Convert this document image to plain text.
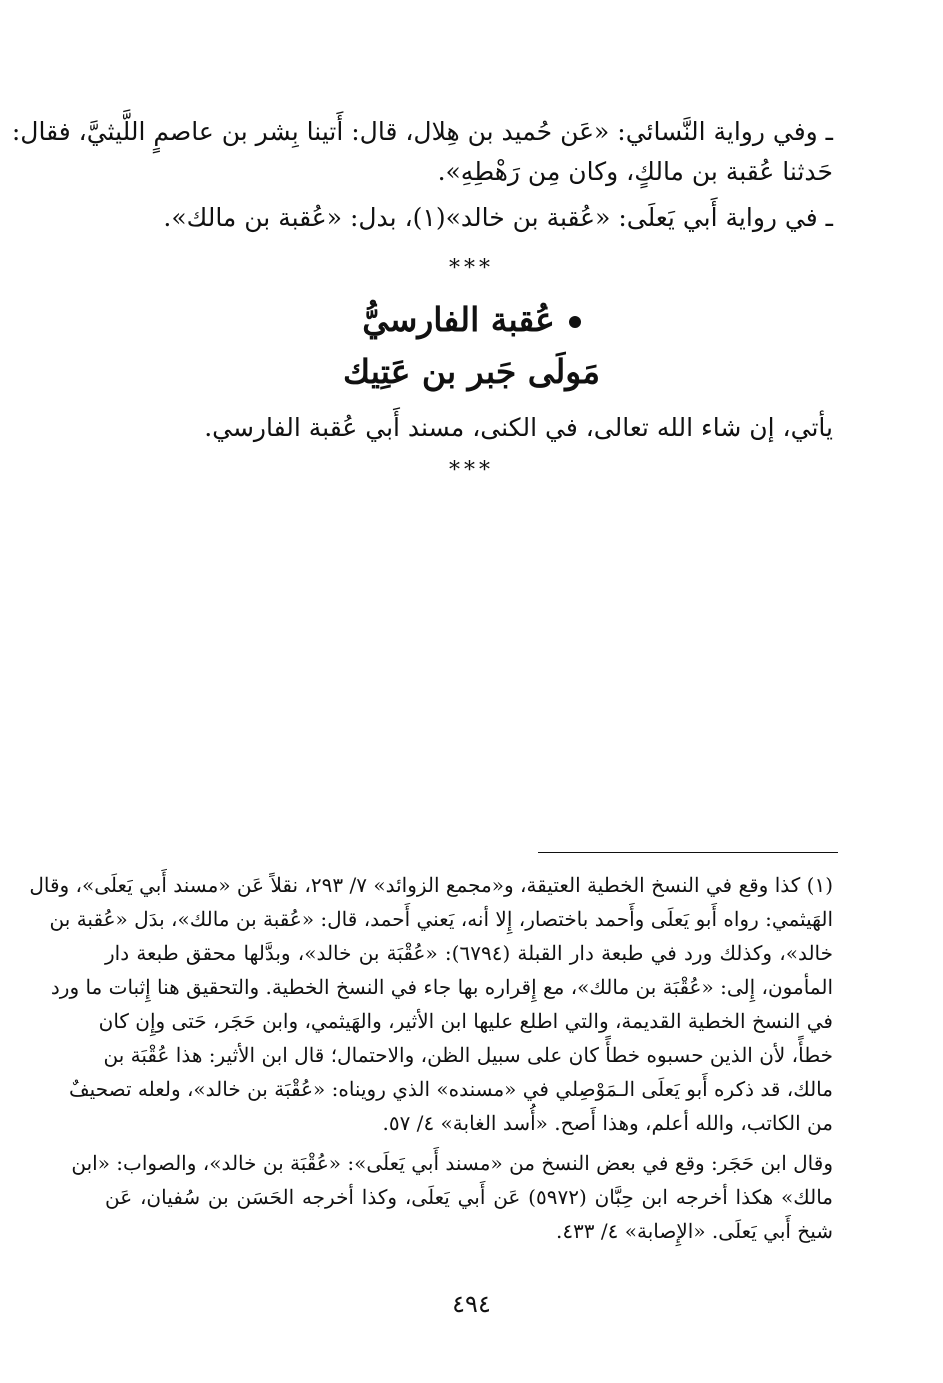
ـ وفي رواية النَّسائي: «عَن حُميد بن هِلال، قال: أَتينا بِشر بن عاصمٍ اللَّيثيَّ، فقال:
حَدثنا عُقبة بن مالكٍ، وكان مِن رَهْطِهِ».
ـ في رواية أَبي يَعلَى: «عُقبة بن خالد»(١)، بدل: «عُقبة بن مالك».
***
عُقبة الفارسيُّ
مَولَى جَبر بن عَتِيك
يأتي، إن شاء الله تعالى، في الكنى، مسند أَبي عُقبة الفارسي.
***
(١) كذا وقع في النسخ الخطية العتيقة، و«مجمع الزوائد» ٧/ ٢٩٣، نقلاً عَن «مسند أَبي يَعلَى»، وقال
الهَيثمي: رواه أَبو يَعلَى وأَحمد باختصار، إِلا أنه، يَعني أَحمد، قال: «عُقبة بن مالك»، بدَل «عُقبة بن
خالد»، وكذلك ورد في طبعة دار القبلة (٦٧٩٤): «عُقْبَة بن خالد»، وبدَّلها محقق طبعة دار
المأمون، إِلى: «عُقْبَة بن مالك»، مع إِقراره بها جاء في النسخ الخطية. والتحقيق هنا إِثبات ما ورد
في النسخ الخطية القديمة، والتي اطلع عليها ابن الأثير، والهَيثمي، وابن حَجَر، حَتى وإِن كان
خطأً، لأن الذين حسبوه خطأً كان على سبيل الظن، والاحتمال؛ قال ابن الأثير: هذا عُقْبَة بن
مالك، قد ذكره أَبو يَعلَى الـمَوْصِلي في «مسنده» الذي رويناه: «عُقْبَة بن خالد»، ولعله تصحيفٌ
من الكاتب، والله أعلم، وهذا أَصح. «أُسد الغابة» ٤/ ٥٧.
وقال ابن حَجَر: وقع في بعض النسخ من «مسند أَبي يَعلَى»: «عُقْبَة بن خالد»، والصواب: «ابن
مالك» هكذا أخرجه ابن حِبَّان (٥٩٧٢) عَن أَبي يَعلَى، وكذا أخرجه الحَسَن بن سُفيان، عَن
شيخ أَبي يَعلَى. «الإِصابة» ٤/ ٤٣٣.
٤٩٤
